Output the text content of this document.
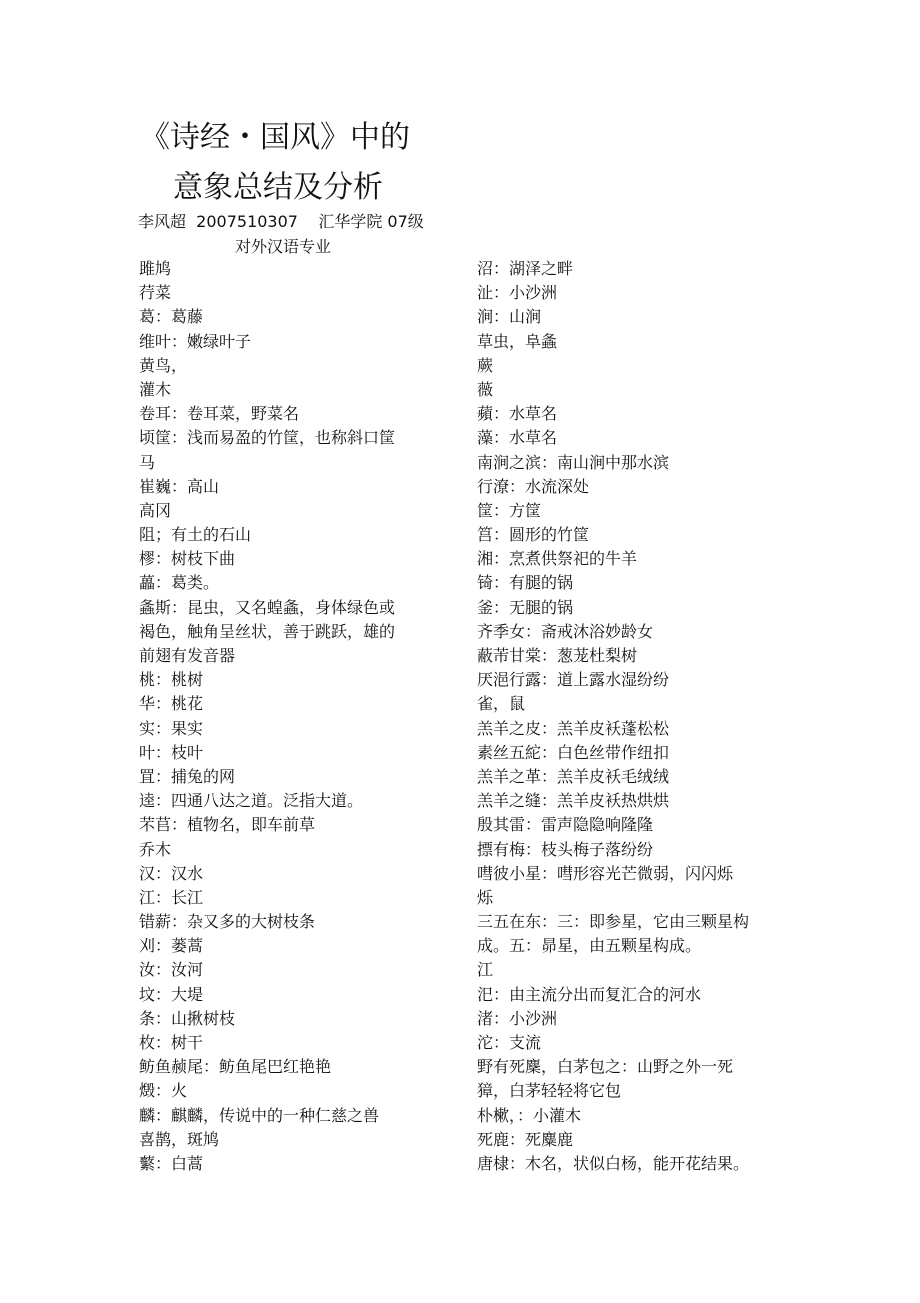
《诗经・国风》中的
意象总结及分析
李风超  2007510307    汇华学院 07级
对外汉语专业
雎鸠
荇菜
葛：葛藤
维叶：嫩绿叶子
黄鸟，
灌木
卷耳：卷耳菜，野菜名
顷筐：浅而易盈的竹筐，也称斜口筐
马
崔巍：高山
高冈
阻；有土的石山
樛：树枝下曲
藟：葛类。
螽斯：昆虫，又名蝗螽，身体绿色或
褐色，触角呈丝状，善于跳跃，雄的
前翅有发音器
桃：桃树
华：桃花
实：果实
叶：枝叶
罝：捕兔的网
逵：四通八达之道。泛指大道。
芣苢：植物名，即车前草
乔木
汉：汉水
江：长江
错薪：杂又多的大树枝条
刈：蒌蒿
汝：汝河
坟：大堤
条：山揪树枝
枚：树干
鲂鱼赪尾：鲂鱼尾巴红艳艳
燬：火
麟：麒麟，传说中的一种仁慈之兽
喜鹊，斑鸠
蘩：白蒿
沼：湖泽之畔
沚：小沙洲
涧：山涧
草虫，阜螽
蕨
薇
蘋：水草名
藻：水草名
南涧之滨：南山涧中那水滨
行潦：水流深处
筐：方筐
筥：圆形的竹筐
湘：烹煮供祭祀的牛羊
锜：有腿的锅
釜：无腿的锅
齐季女：斋戒沐浴妙龄女
蔽芾甘棠：葱茏杜梨树
厌浥行露：道上露水湿纷纷
雀，鼠
羔羊之皮：羔羊皮袄蓬松松
素丝五紽：白色丝带作纽扣
羔羊之革：羔羊皮袄毛绒绒
羔羊之缝：羔羊皮袄热烘烘
殷其雷：雷声隐隐响隆隆
摽有梅：枝头梅子落纷纷
嘒彼小星：嘒形容光芒微弱，闪闪烁
烁
三五在东：三：即参星，它由三颗星构
成。五：昴星，由五颗星构成。
江
汜：由主流分出而复汇合的河水
渚：小沙洲
沱：支流
野有死麇，白茅包之：山野之外一死
獐，白茅轻轻将它包
朴樕，：小灌木
死鹿：死麋鹿
唐棣：木名，状似白杨，能开花结果。
